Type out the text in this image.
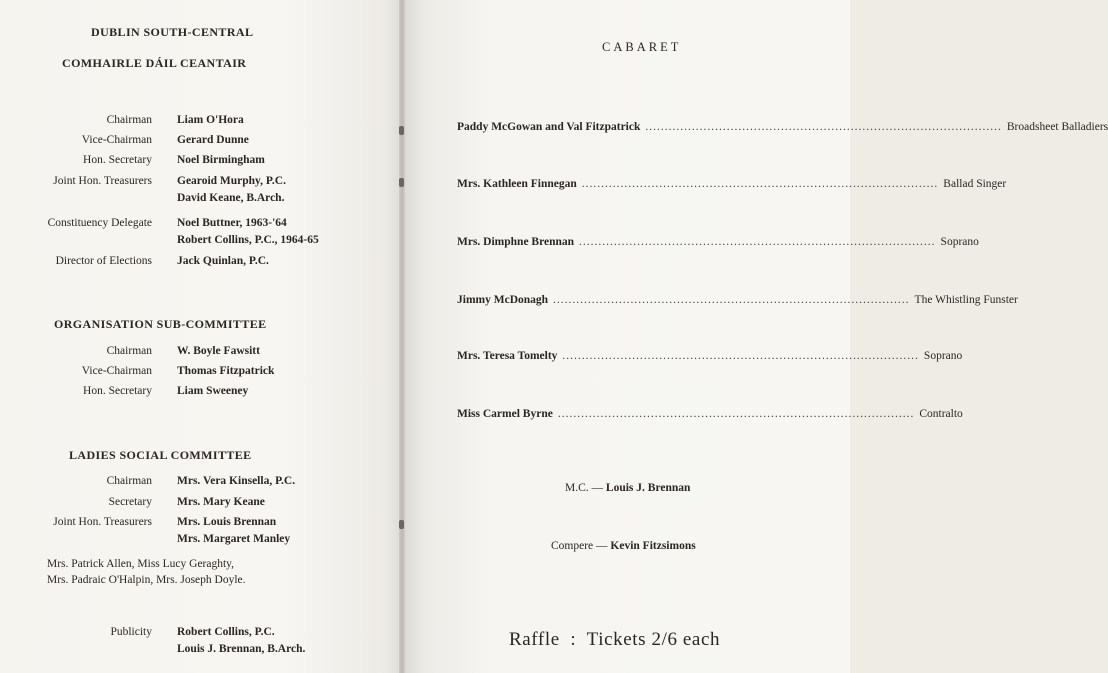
DUBLIN SOUTH-CENTRAL
COMHAIRLE DÁIL CEANTAIR
Chairman Liam O'Hora
Vice-Chairman Gerard Dunne
Hon. Secretary Noel Birmingham
Joint Hon. Treasurers Gearoid Murphy, P.C.
David Keane, B.Arch.
Constituency Delegate Noel Buttner, 1963-'64
Robert Collins, P.C., 1964-65
Director of Elections Jack Quinlan, P.C.
ORGANISATION SUB-COMMITTEE
Chairman W. Boyle Fawsitt
Vice-Chairman Thomas Fitzpatrick
Hon. Secretary Liam Sweeney
LADIES SOCIAL COMMITTEE
Chairman Mrs. Vera Kinsella, P.C.
Secretary Mrs. Mary Keane
Joint Hon. Treasurers Mrs. Louis Brennan
Mrs. Margaret Manley
Mrs. Patrick Allen, Miss Lucy Geraghty,
Mrs. Padraic O'Halpin, Mrs. Joseph Doyle.
Publicity Robert Collins, P.C.
Louis J. Brennan, B.Arch.
CABARET
Paddy McGowan and Val Fitzpatrick ............................................................................................ Broadsheet Balladiers
Mrs. Kathleen Finnegan ............................................................................................ Ballad Singer
Mrs. Dimphne Brennan ............................................................................................ Soprano
Jimmy McDonagh ............................................................................................ The Whistling Funster
Mrs. Teresa Tomelty ............................................................................................ Soprano
Miss Carmel Byrne ............................................................................................ Contralto
M.C. — Louis J. Brennan
Compere — Kevin Fitzsimons
Raffle  :  Tickets 2/6 each
